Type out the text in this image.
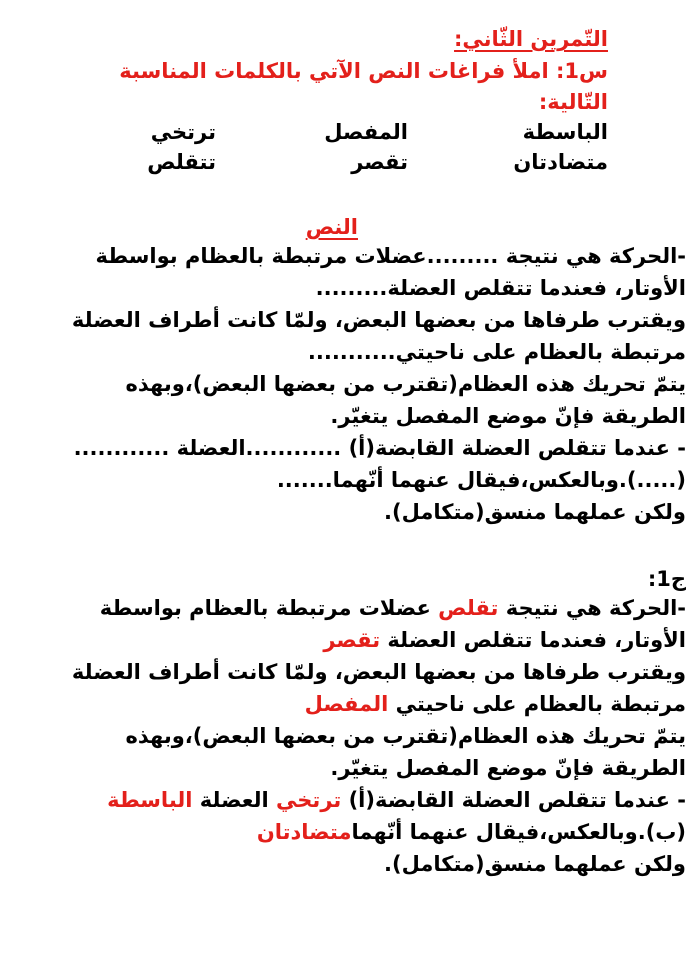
التّمرين الثّاني:
س1: املأ فراغات النص الآتي بالكلمات المناسبة التّالية:
الباسطة
المفصل
ترتخي
متضادتان
تقصر
تتقلص
النص
-الحركة هي نتيجة .........عضلات مرتبطة بالعظام بواسطة
الأوتار، فعندما تتقلص العضلة.........
ويقترب طرفاها من بعضها البعض، ولمّا كانت أطراف العضلة
مرتبطة بالعظام على ناحيتي...........
يتمّ تحريك هذه العظام(تقترب من بعضها البعض)،وبهذه
الطريقة فإنّ موضع المفصل يتغيّر.
- عندما تتقلص العضلة القابضة(أ) ............العضلة ............
(.....).وبالعكس،فيقال عنهما أنّهما.......
ولكن عملهما منسق(متكامل).
ج1:
-الحركة هي نتيجة تقلص عضلات مرتبطة بالعظام بواسطة
الأوتار، فعندما تتقلص العضلة تقصر
ويقترب طرفاها من بعضها البعض، ولمّا كانت أطراف العضلة
مرتبطة بالعظام على ناحيتي المفصل
يتمّ تحريك هذه العظام(تقترب من بعضها البعض)،وبهذه
الطريقة فإنّ موضع المفصل يتغيّر.
- عندما تتقلص العضلة القابضة(أ) ترتخي العضلة الباسطة
(ب).وبالعكس،فيقال عنهما أنّهمامتضادتان
ولكن عملهما منسق(متكامل).
